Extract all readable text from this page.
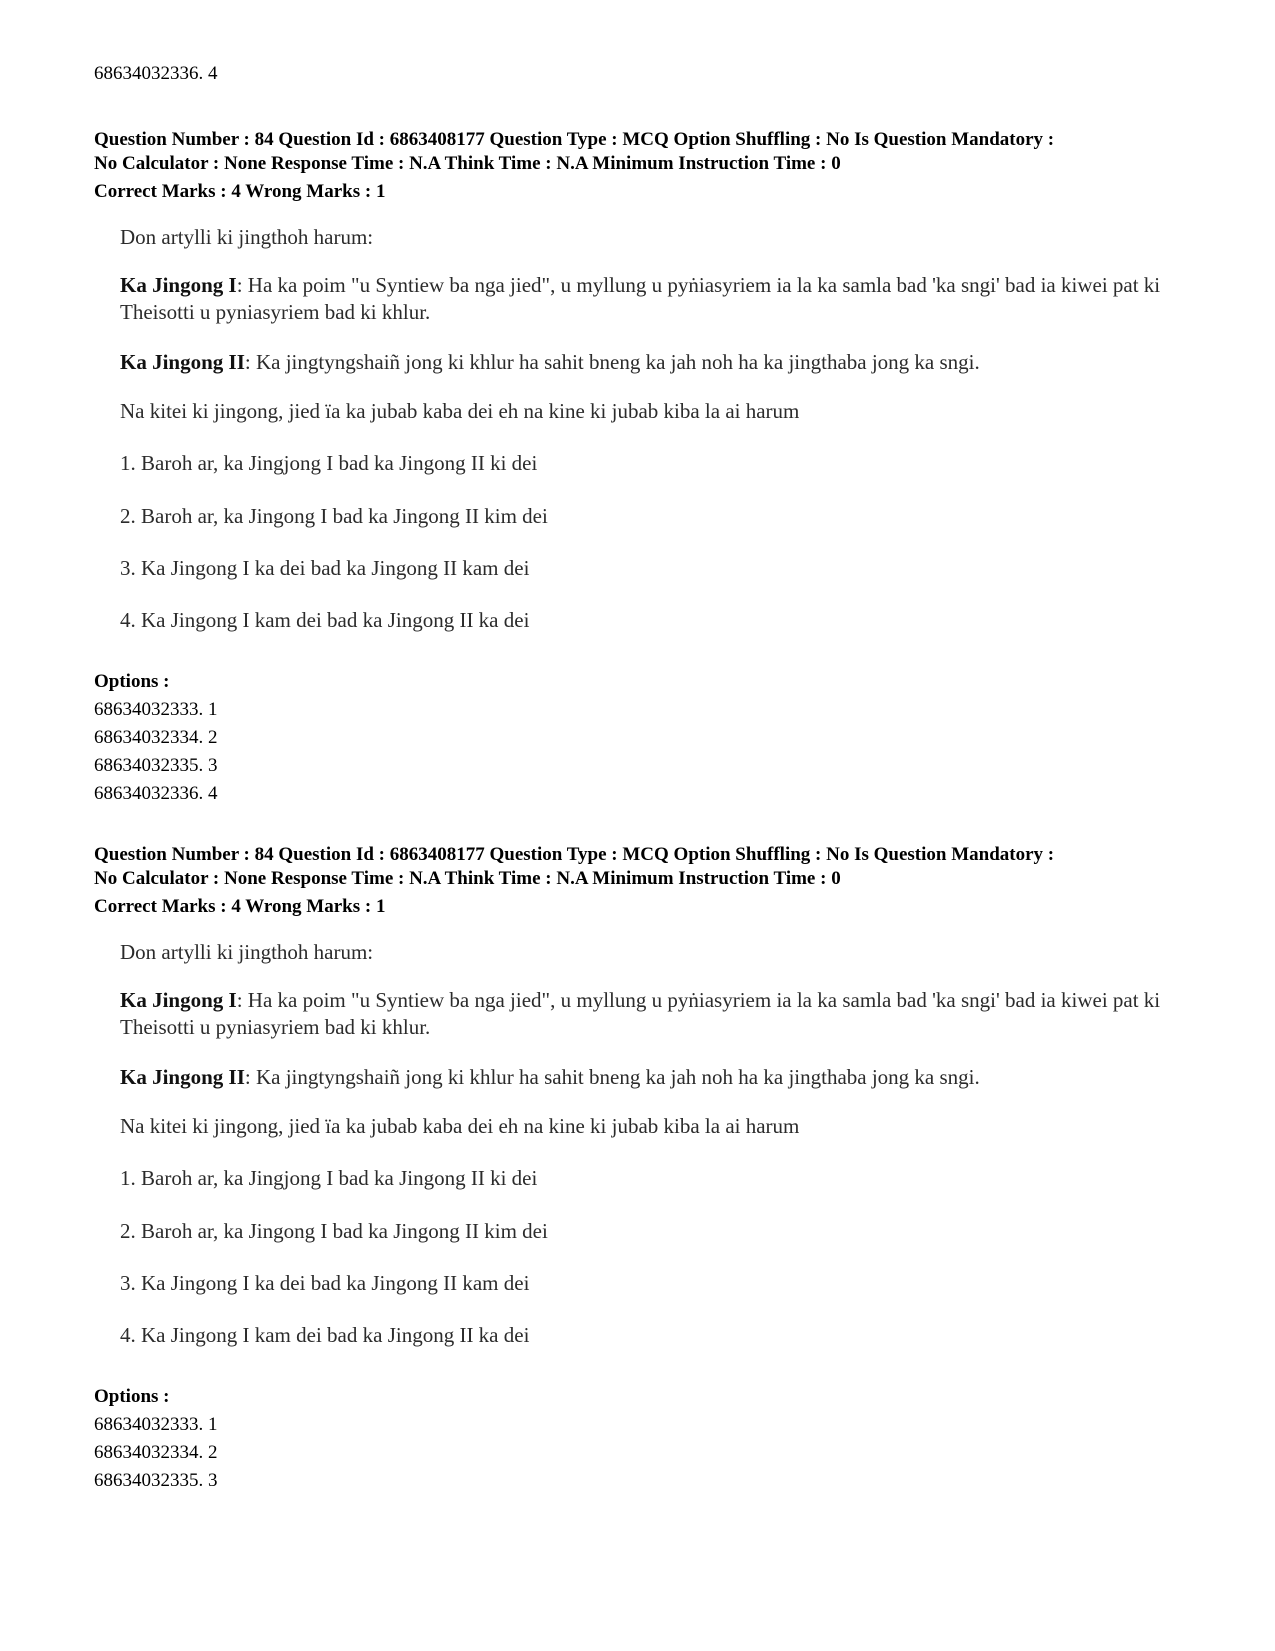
68634032336. 4
Question Number : 84 Question Id : 6863408177 Question Type : MCQ Option Shuffling : No Is Question Mandatory :
No Calculator : None Response Time : N.A Think Time : N.A Minimum Instruction Time : 0
Correct Marks : 4 Wrong Marks : 1

Don artylli ki jingthoh harum:

Ka Jingong I: Ha ka poim "u Syntiew ba nga jied", u myllung u pyṅiasyriem ia la ka samla bad 'ka sngi' bad ia kiwei pat ki Theisotti u pyniasyriem bad ki khlur.

Ka Jingong II: Ka jingtyngshaiñ jong ki khlur ha sahit bneng ka jah noh ha ka jingthaba jong ka sngi.

Na kitei ki jingong, jied ïa ka jubab kaba dei eh na kine ki jubab kiba la ai harum

1. Baroh ar, ka Jingjong I bad ka Jingong II ki dei

2. Baroh ar, ka Jingong I bad ka Jingong II kim dei

3. Ka Jingong I ka dei bad ka Jingong II kam dei

4. Ka Jingong I kam dei bad ka Jingong II ka dei

Options :
68634032333. 1
68634032334. 2
68634032335. 3
68634032336. 4
Question Number : 84 Question Id : 6863408177 Question Type : MCQ Option Shuffling : No Is Question Mandatory :
No Calculator : None Response Time : N.A Think Time : N.A Minimum Instruction Time : 0
Correct Marks : 4 Wrong Marks : 1

Don artylli ki jingthoh harum:

Ka Jingong I: Ha ka poim "u Syntiew ba nga jied", u myllung u pyṅiasyriem ia la ka samla bad 'ka sngi' bad ia kiwei pat ki Theisotti u pyniasyriem bad ki khlur.

Ka Jingong II: Ka jingtyngshaiñ jong ki khlur ha sahit bneng ka jah noh ha ka jingthaba jong ka sngi.

Na kitei ki jingong, jied ïa ka jubab kaba dei eh na kine ki jubab kiba la ai harum

1. Baroh ar, ka Jingjong I bad ka Jingong II ki dei

2. Baroh ar, ka Jingong I bad ka Jingong II kim dei

3. Ka Jingong I ka dei bad ka Jingong II kam dei

4. Ka Jingong I kam dei bad ka Jingong II ka dei

Options :
68634032333. 1
68634032334. 2
68634032335. 3
